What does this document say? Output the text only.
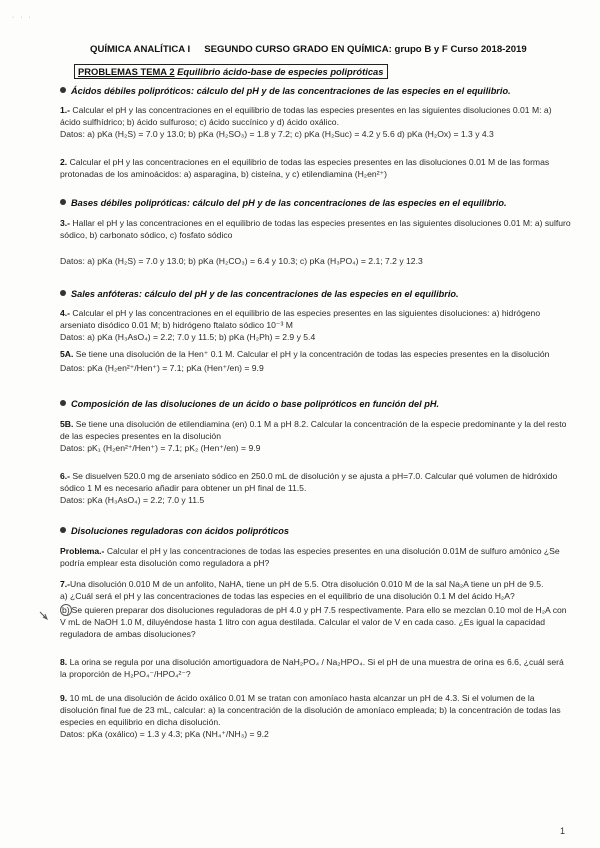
· · ·
QUÍMICA ANALÍTICA I SEGUNDO CURSO GRADO EN QUÍMICA: grupo B y F Curso 2018-2019
PROBLEMAS TEMA 2 Equilibrio ácido-base de especies polipróticas
Ácidos débiles polipróticos: cálculo del pH y de las concentraciones de las especies en el equilibrio.

1.- Calcular el pH y las concentraciones en el equilibrio de todas las especies presentes en las siguientes disoluciones 0.01 M: a) ácido sulfhídrico; b) ácido sulfuroso; c) ácido succínico y d) ácido oxálico.

Datos: a) pKa (H₂S) = 7.0 y 13.0; b) pKa (H₂SO₃) = 1.8 y 7.2; c) pKa (H₂Suc) = 4.2 y 5.6 d) pKa (H₂Ox) = 1.3 y 4.3

2. Calcular el pH y las concentraciones en el equilibrio de todas las especies presentes en las disoluciones 0.01 M de las formas protonadas de los aminoácidos: a) asparagina, b) cisteína, y c) etilendiamina (H₂en²⁺)

Bases débiles polipróticas: cálculo del pH y de las concentraciones de las especies en el equilibrio.

3.- Hallar el pH y las concentraciones en el equilibrio de todas las especies presentes en las siguientes disoluciones 0.01 M: a) sulfuro sódico, b) carbonato sódico, c) fosfato sódico

Datos: a) pKa (H₂S) = 7.0 y 13.0; b) pKa (H₂CO₃) = 6.4 y 10.3; c) pKa (H₃PO₄) = 2.1; 7.2 y 12.3

Sales anfóteras: cálculo del pH y de las concentraciones de las especies en el equilibrio.

4.- Calcular el pH y las concentraciones en el equilibrio de las especies presentes en las siguientes disoluciones: a) hidrógeno arseniato disódico 0.01 M; b) hidrógeno ftalato sódico 10⁻³ M

Datos: a) pKa (H₃AsO₄) = 2.2; 7.0 y 11.5; b) pKa (H₂Ph) = 2.9 y 5.4

5A. Se tiene una disolución de la Hen⁺ 0.1 M. Calcular el pH y la concentración de todas las especies presentes en la disolución

Datos: pKa (H₂en²⁺/Hen⁺) = 7.1; pKa (Hen⁺/en) = 9.9

Composición de las disoluciones de un ácido o base polipróticos en función del pH.

5B. Se tiene una disolución de etilendiamina (en) 0.1 M a pH 8.2. Calcular la concentración de la especie predominante y la del resto de las especies presentes en la disolución

Datos: pK₁ (H₂en²⁺/Hen⁺) = 7.1; pK₂ (Hen⁺/en) = 9.9

6.- Se disuelven 520.0 mg de arseniato sódico en 250.0 mL de disolución y se ajusta a pH=7.0. Calcular qué volumen de hidróxido sódico 1 M es necesario añadir para obtener un pH final de 11.5.

Datos: pKa (H₃AsO₄) = 2.2; 7.0 y 11.5

Disoluciones reguladoras con ácidos polipróticos

Problema.- Calcular el pH y las concentraciones de todas las especies presentes en una disolución 0.01M de sulfuro amónico ¿Se podría emplear esta disolución como reguladora a pH?

7.-Una disolución 0.010 M de un anfolito, NaHA, tiene un pH de 5.5. Otra disolución 0.010 M de la sal Na₂A tiene un pH de 9.5.

a) ¿Cuál será el pH y las concentraciones de todas las especies en el equilibrio de una disolución 0.1 M del ácido H₂A?

b) Se quieren preparar dos disoluciones reguladoras de pH 4.0 y pH 7.5 respectivamente. Para ello se mezclan 0.10 mol de H₂A con V mL de NaOH 1.0 M, diluyéndose hasta 1 litro con agua destilada. Calcular el valor de V en cada caso. ¿Es igual la capacidad reguladora de ambas disoluciones?

8. La orina se regula por una disolución amortiguadora de NaH₂PO₄ / Na₂HPO₄. Si el pH de una muestra de orina es 6.6, ¿cuál será la proporción de H₂PO₄⁻/HPO₄²⁻?

9. 10 mL de una disolución de ácido oxálico 0.01 M se tratan con amoníaco hasta alcanzar un pH de 4.3. Si el volumen de la disolución final fue de 23 mL, calcular: a) la concentración de la disolución de amoníaco empleada; b) la concentración de todas las especies en equilibrio en dicha disolución.

Datos: pKa (oxálico) = 1.3 y 4.3; pKa (NH₄⁺/NH₃) = 9.2

1
